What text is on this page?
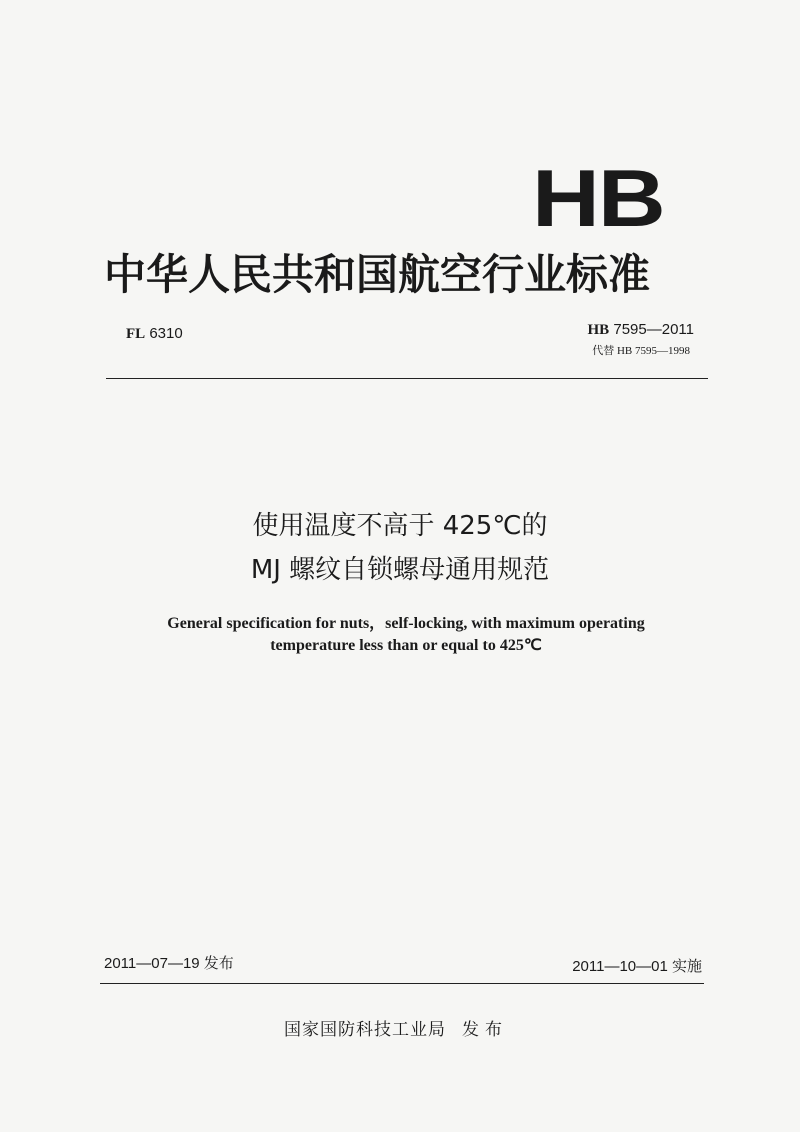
HB
中华人民共和国航空行业标准
FL 6310	HB 7595—2011
代替 HB 7595—1998
使用温度不高于 425℃的
MJ 螺纹自锁螺母通用规范
General specification for nuts，self-locking, with maximum operating
temperature less than or equal to 425℃
2011—07—19 发布	2011—10—01 实施
国家国防科技工业局 发布
